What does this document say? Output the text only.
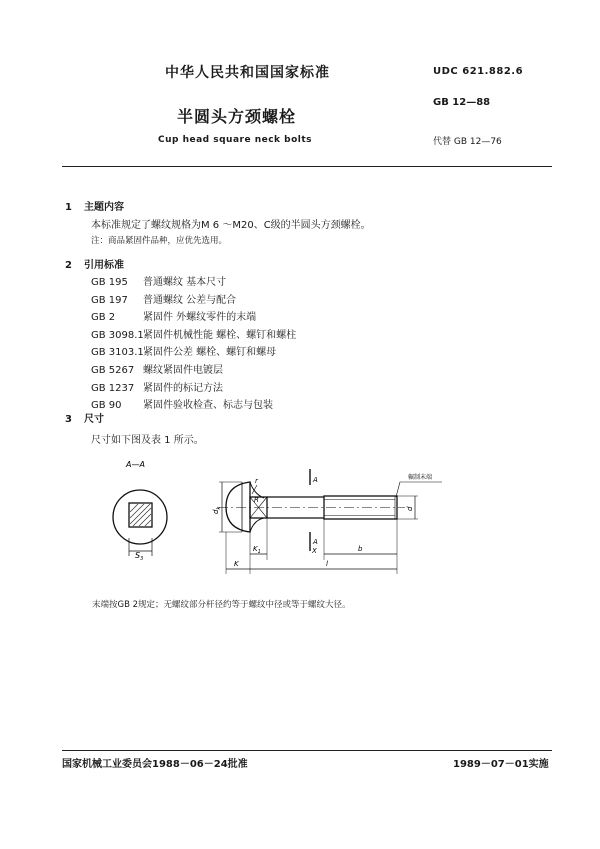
中华人民共和国国家标准
半圆头方颈螺栓
Cup head square neck bolts
UDC 621.882.6
GB 12—88
代替 GB 12—76
1 主题内容
本标准规定了螺纹规格为M 6 ～M20、C级的半圆头方颈螺栓。
注：商品紧固件品种，应优先选用。
2 引用标准
GB 195 普通螺纹 基本尺寸
GB 197 普通螺纹 公差与配合
GB 2	紧固件 外螺纹零件的末端
GB 3098.1紧固件机械性能 螺栓、螺钉和螺柱
GB 3103.1紧固件公差 螺栓、螺钉和螺母
GB 5267 螺纹紧固件电镀层
GB 1237 紧固件的标记方法
GB 90 紧固件验收检查、标志与包装
3 尺寸
尺寸如下图及表 1 所示。
A—A
$S_3$
r
R
$d_k$	d
辗制末端
A
A
$K_1$	X	b
K	l
末端按GB 2规定；无螺纹部分杆径约等于螺纹中径或等于螺纹大径。
国家机械工业委员会1988－06－24批准	1989－07－01实施
